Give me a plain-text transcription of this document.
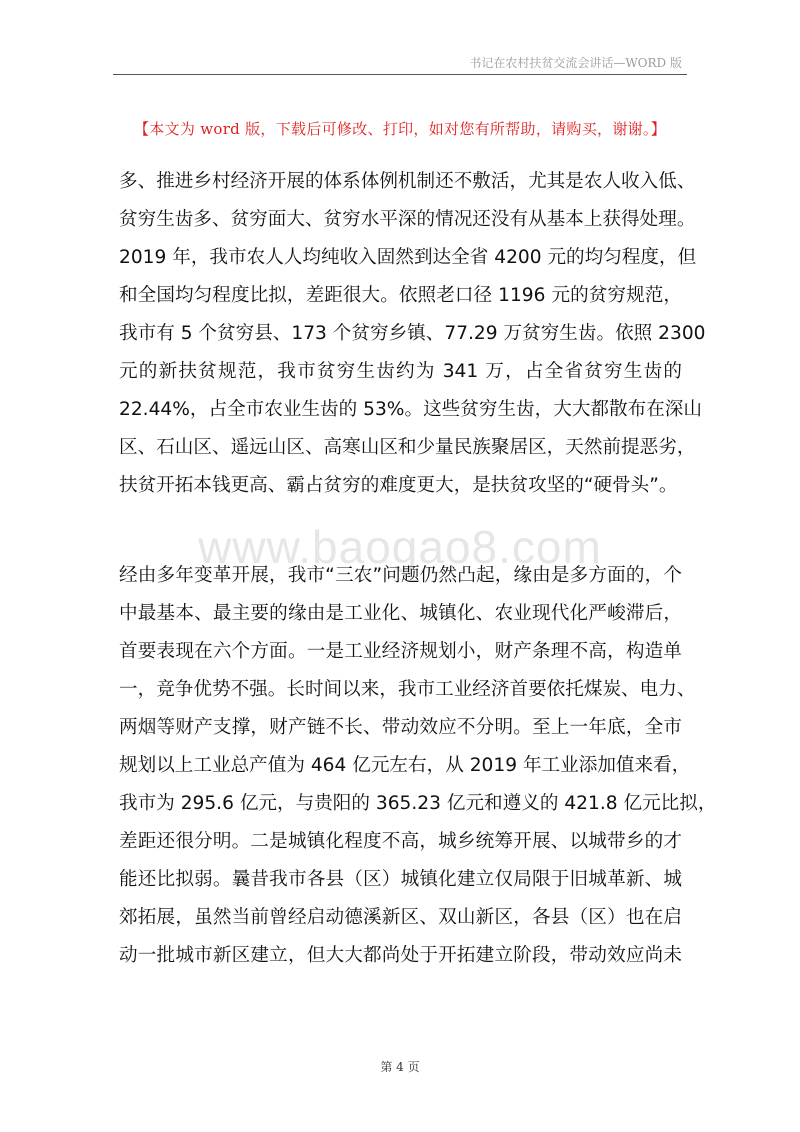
书记在农村扶贫交流会讲话—WORD 版
【本文为 word 版，下载后可修改、打印，如对您有所帮助，请购买，谢谢。】
www.baogao8.com
多、推进乡村经济开展的体系体例机制还不敷活，尤其是农人收入低、
贫穷生齿多、贫穷面大、贫穷水平深的情况还没有从基本上获得处理。
2019 年，我市农人人均纯收入固然到达全省 4200 元的均匀程度，但
和全国均匀程度比拟，差距很大。依照老口径 1196 元的贫穷规范，
我市有 5 个贫穷县、173 个贫穷乡镇、77.29 万贫穷生齿。依照 2300
元的新扶贫规范，我市贫穷生齿约为 341 万，占全省贫穷生齿的
22.44%，占全市农业生齿的 53%。这些贫穷生齿，大大都散布在深山
区、石山区、遥远山区、高寒山区和少量民族聚居区，天然前提恶劣，
扶贫开拓本钱更高、霸占贫穷的难度更大，是扶贫攻坚的“硬骨头”。
经由多年变革开展，我市“三农”问题仍然凸起，缘由是多方面的，个
中最基本、最主要的缘由是工业化、城镇化、农业现代化严峻滞后，
首要表现在六个方面。一是工业经济规划小，财产条理不高，构造单
一，竞争优势不强。长时间以来，我市工业经济首要依托煤炭、电力、
两烟等财产支撑，财产链不长、带动效应不分明。至上一年底，全市
规划以上工业总产值为 464 亿元左右，从 2019 年工业添加值来看，
我市为 295.6 亿元，与贵阳的 365.23 亿元和遵义的 421.8 亿元比拟，
差距还很分明。二是城镇化程度不高，城乡统筹开展、以城带乡的才
能还比拟弱。曩昔我市各县（区）城镇化建立仅局限于旧城革新、城
郊拓展，虽然当前曾经启动德溪新区、双山新区，各县（区）也在启
动一批城市新区建立，但大大都尚处于开拓建立阶段，带动效应尚未
第 4 页
